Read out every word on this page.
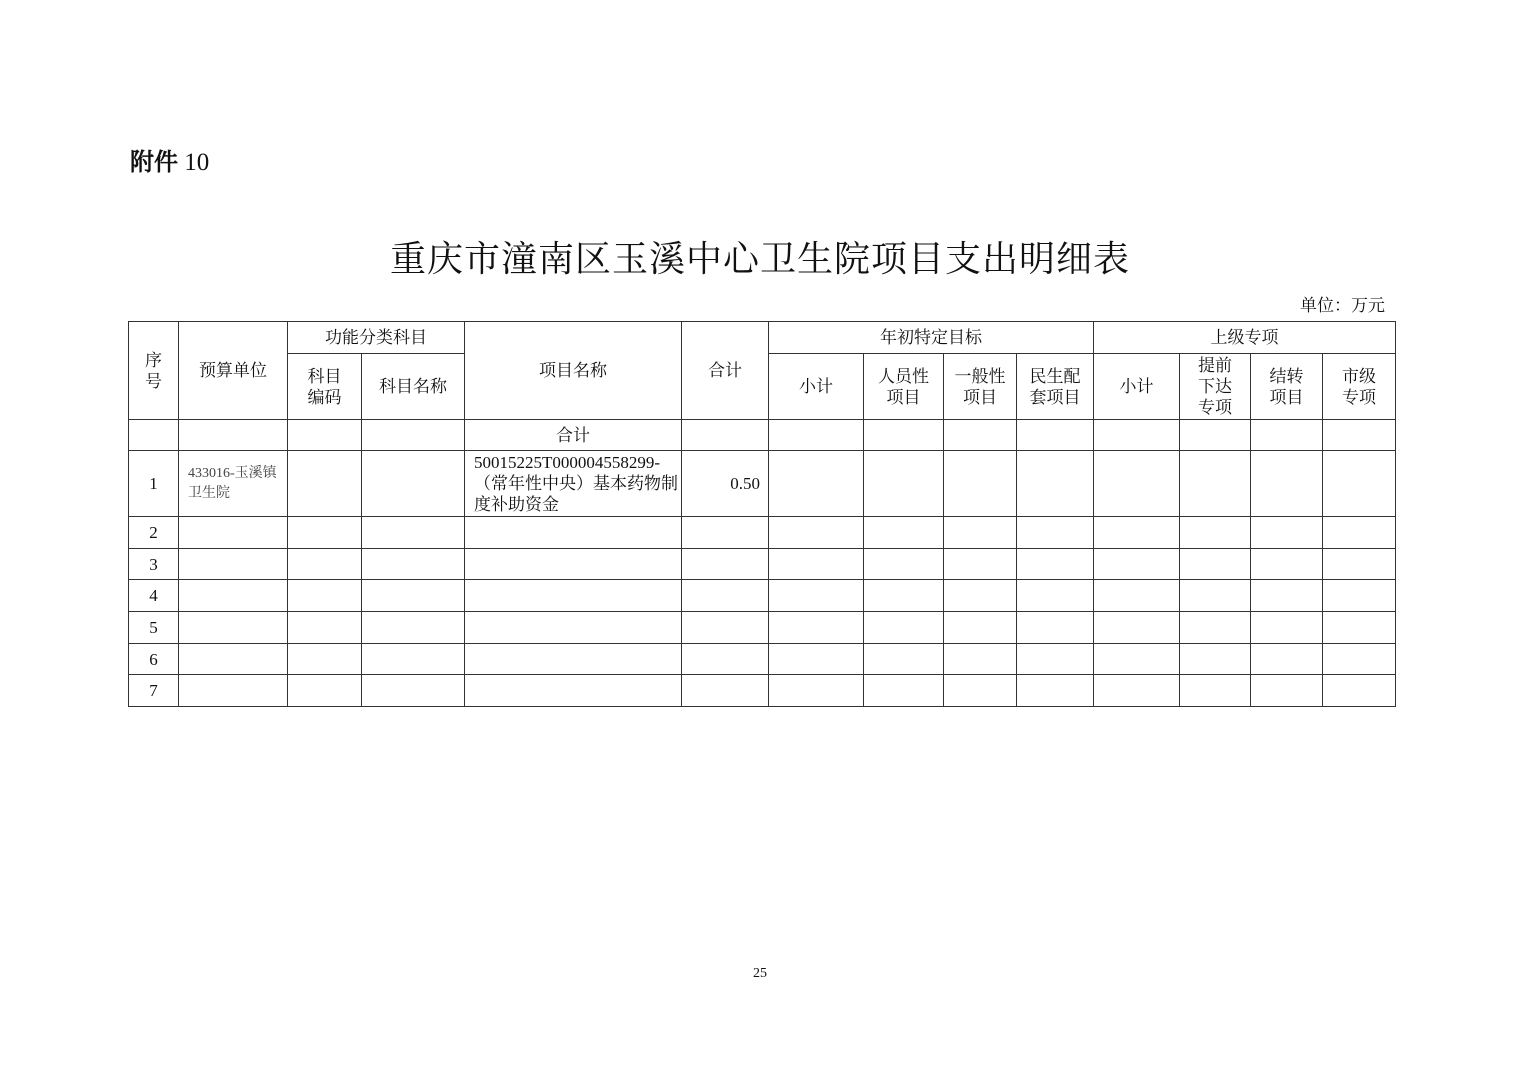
附件 10
重庆市潼南区玉溪中心卫生院项目支出明细表
单位：万元
序号	预算单位	功能分类科目		项目名称	合计	年初特定目标				上级专项			
		科目编码	科目名称			小计	人员性项目	一般性项目	民生配套项目	小计	提前下达专项	结转项目	市级专项
				合计									
1	433016-玉溪镇卫生院			50015225T000004558299-（常年性中央）基本药物制度补助资金	0.50								
2													
3													
4													
5													
6													
7													
25
